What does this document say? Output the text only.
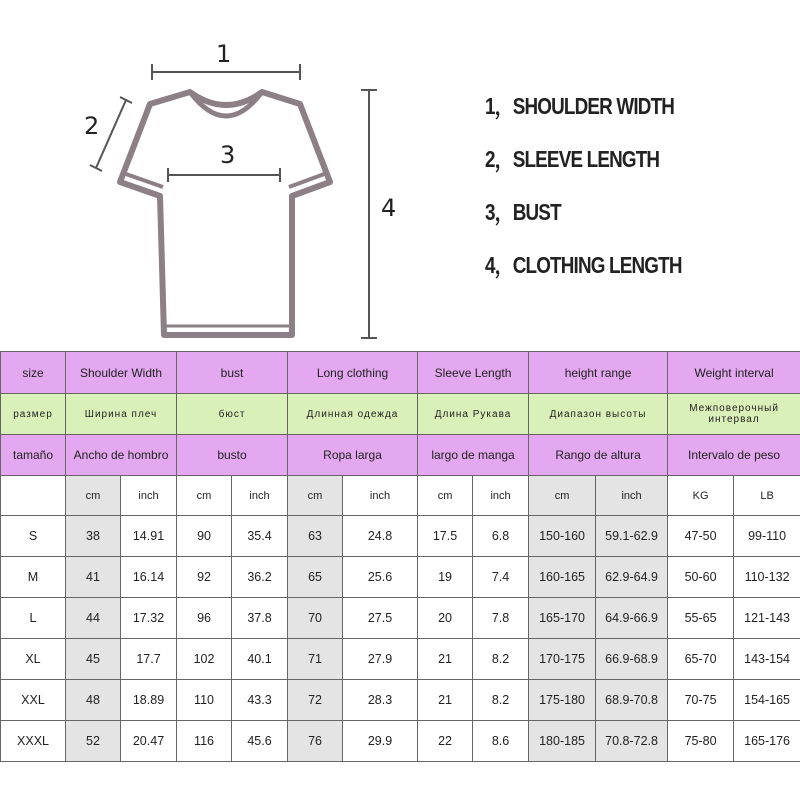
1
2
3
4
1，SHOULDER WIDTH
2，SLEEVE LENGTH
3，BUST
4，CLOTHING LENGTH
size	Shoulder Width		bust		Long clothing		Sleeve Length		height range		Weight interval	
размер	Ширина плеч		бюст		Длинная одежда		Длина Рукава		Диапазон высоты		Межповерочный интервал	
tamaño	Ancho de hombro		busto		Ropa larga		largo de manga		Rango de altura		Intervalo de peso	
	cm	inch	cm	inch	cm	inch	cm	inch	cm	inch	KG	LB
S	38	14.91	90	35.4	63	24.8	17.5	6.8	150-160	59.1-62.9	47-50	99-110
M	41	16.14	92	36.2	65	25.6	19	7.4	160-165	62.9-64.9	50-60	110-132
L	44	17.32	96	37.8	70	27.5	20	7.8	165-170	64.9-66.9	55-65	121-143
XL	45	17.7	102	40.1	71	27.9	21	8.2	170-175	66.9-68.9	65-70	143-154
XXL	48	18.89	110	43.3	72	28.3	21	8.2	175-180	68.9-70.8	70-75	154-165
XXXL	52	20.47	116	45.6	76	29.9	22	8.6	180-185	70.8-72.8	75-80	165-176
